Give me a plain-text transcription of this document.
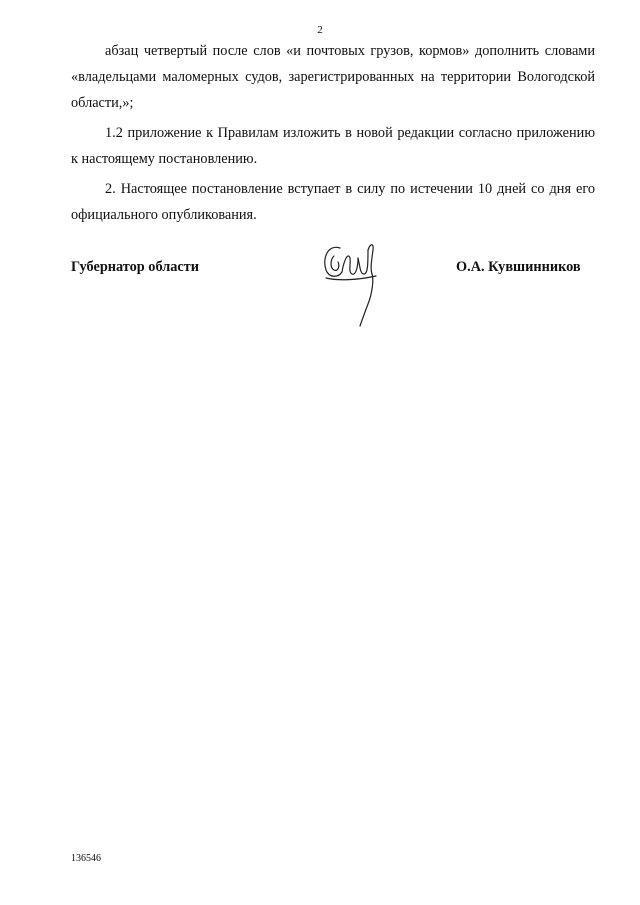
2

абзац четвертый после слов «и почтовых грузов, кормов» дополнить словами «владельцами маломерных судов, зарегистрированных на территории Вологодской области,»;

1.2 приложение к Правилам изложить в новой редакции согласно приложению к настоящему постановлению.

2. Настоящее постановление вступает в силу по истечении 10 дней со дня его официального опубликования.

Губернатор области	О.А. Кувшинников
136546
